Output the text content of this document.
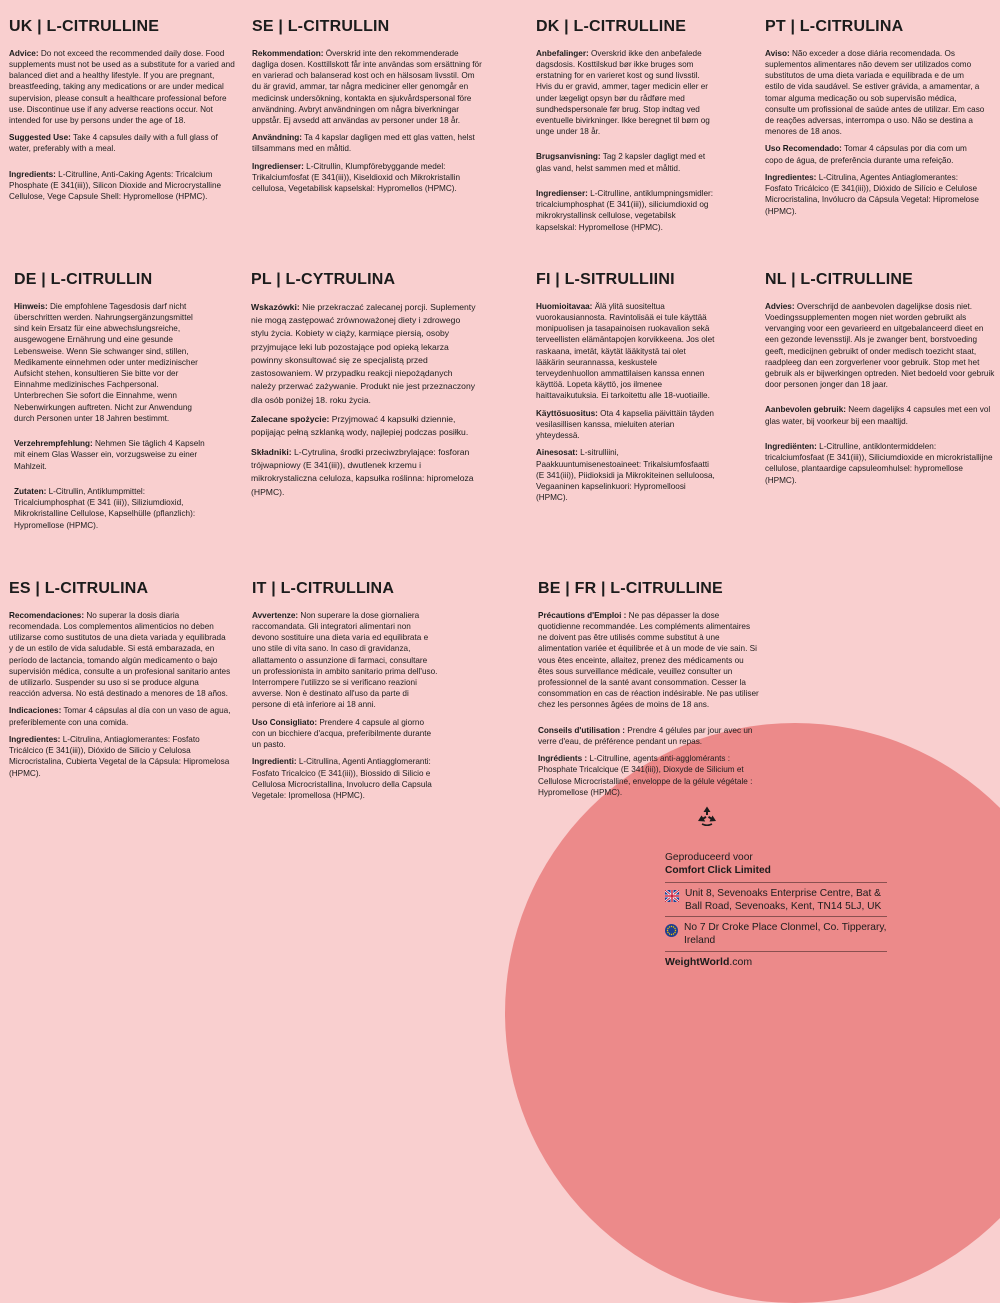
UK | L-CITRULLINE

Advice: Do not exceed the recommended daily dose. Food supplements must not be used as a substitute for a varied and balanced diet and a healthy lifestyle. If you are pregnant, breastfeeding, taking any medications or are under medical supervision, please consult a healthcare professional before use. Discontinue use if any adverse reactions occur. Not intended for use by persons under the age of 18.

Suggested Use: Take 4 capsules daily with a full glass of water, preferably with a meal.

Ingredients: L-Citrulline, Anti-Caking Agents: Tricalcium Phosphate (E 341(iii)), Silicon Dioxide and Microcrystalline Cellulose, Vege Capsule Shell: Hypromellose (HPMC).

SE | L-CITRULLIN

Rekommendation: Överskrid inte den rekommenderade dagliga dosen. Kosttillskott får inte användas som ersättning för en varierad och balanserad kost och en hälsosam livsstil. Om du är gravid, ammar, tar några mediciner eller genomgår en medicinsk undersökning, kontakta en sjukvårdspersonal före användning. Avbryt användningen om några biverkningar uppstår. Ej avsedd att användas av personer under 18 år.

Användning: Ta 4 kapslar dagligen med ett glas vatten, helst tillsammans med en måltid.

Ingredienser: L-Citrullin, Klumpförebyggande medel: Trikalciumfosfat (E 341(iii)), Kiseldioxid och Mikrokristallin cellulosa, Vegetabilisk kapselskal: Hypromellos (HPMC).

DK | L-CITRULLINE

Anbefalinger: Overskrid ikke den anbefalede dagsdosis. Kosttilskud bør ikke bruges som erstatning for en varieret kost og sund livsstil. Hvis du er gravid, ammer, tager medicin eller er under lægeligt opsyn bør du rådføre med sundhedspersonale før brug. Stop indtag ved eventuelle bivirkninger. Ikke beregnet til børn og unge under 18 år.

Brugsanvisning: Tag 2 kapsler dagligt med et glas vand, helst sammen med et måltid.

Ingredienser: L-Citrulline, antiklumpningsmidler: tricalciumphosphat (E 341(iii)), siliciumdioxid og mikrokrystallinsk cellulose, vegetabilsk kapselskal: Hypromellose (HPMC).

PT | L-CITRULINA

Aviso: Não exceder a dose diária recomendada. Os suplementos alimentares não devem ser utilizados como substitutos de uma dieta variada e equilibrada e de um estilo de vida saudável. Se estiver grávida, a amamentar, a tomar alguma medicação ou sob supervisão médica, consulte um profissional de saúde antes de utilizar. Em caso de reações adversas, interrompa o uso. Não se destina a menores de 18 anos.

Uso Recomendado: Tomar 4 cápsulas por dia com um copo de água, de preferência durante uma refeição.

Ingredientes: L-Citrulina, Agentes Antiaglomerantes: Fosfato Tricálcico (E 341(iii)), Dióxido de Silício e Celulose Microcristalina, Invólucro da Cápsula Vegetal: Hipromelose (HPMC).

DE | L-CITRULLIN

Hinweis: Die empfohlene Tagesdosis darf nicht überschritten werden. Nahrungsergänzungsmittel sind kein Ersatz für eine abwechslungsreiche, ausgewogene Ernährung und eine gesunde Lebensweise. Wenn Sie schwanger sind, stillen, Medikamente einnehmen oder unter medizinischer Aufsicht stehen, konsultieren Sie bitte vor der Einnahme medizinisches Fachpersonal. Unterbrechen Sie sofort die Einnahme, wenn Nebenwirkungen auftreten. Nicht zur Anwendung durch Personen unter 18 Jahren bestimmt.

Verzehrempfehlung: Nehmen Sie täglich 4 Kapseln mit einem Glas Wasser ein, vorzugsweise zu einer Mahlzeit.

Zutaten: L-Citrullin, Antiklumpmittel: Tricalciumphosphat (E 341 (iii)), Siliziumdioxid, Mikrokristalline Cellulose, Kapselhülle (pflanzlich): Hypromellose (HPMC).

PL | L-CYTRULINA

Wskazówki: Nie przekraczać zalecanej porcji. Suplementy nie mogą zastępować zrównoważonej diety i zdrowego stylu życia. Kobiety w ciąży, karmiące piersią, osoby przyjmujące leki lub pozostające pod opieką lekarza powinny skonsultować się ze specjalistą przed zastosowaniem. W przypadku reakcji niepożądanych należy przerwać zażywanie. Produkt nie jest przeznaczony dla osób poniżej 18. roku życia.

Zalecane spożycie: Przyjmować 4 kapsułki dziennie, popijając pełną szklanką wody, najlepiej podczas posiłku.

Składniki: L-Cytrulina, środki przeciwzbrylające: fosforan trójwapniowy (E 341(iii)), dwutlenek krzemu i mikrokrystaliczna celuloza, kapsułka roślinna: hipromeloza (HPMC).

FI | L-SITRULLIINI

Huomioitavaa: Älä ylitä suositeltua vuorokausiannosta. Ravintolisää ei tule käyttää monipuolisen ja tasapainoisen ruokavalion sekä terveellisten elämäntapojen korvikkeena. Jos olet raskaana, imetät, käytät lääkitystä tai olet lääkärin seurannassa, keskustele terveydenhuollon ammattilaisen kanssa ennen käyttöä. Lopeta käyttö, jos ilmenee haittavaikutuksia. Ei tarkoitettu alle 18-vuotiaille.

Käyttösuositus: Ota 4 kapselia päivittäin täyden vesilasillisen kanssa, mieluiten aterian yhteydessä.

Ainesosat: L-sitrulliini, Paakkuuntumisenestoaineet: Trikalsiumfosfaatti (E 341(iii)), Piidioksidi ja Mikrokiteinen selluloosa, Vegaaninen kapselinkuori: Hypromelloosi (HPMC).

NL | L-CITRULLINE

Advies: Overschrijd de aanbevolen dagelijkse dosis niet. Voedingssupplementen mogen niet worden gebruikt als vervanging voor een gevarieerd en uitgebalanceerd dieet en een gezonde levensstijl. Als je zwanger bent, borstvoeding geeft, medicijnen gebruikt of onder medisch toezicht staat, raadpleeg dan een zorgverlener voor gebruik. Stop met het gebruik als er bijwerkingen optreden. Niet bedoeld voor gebruik door personen jonger dan 18 jaar.

Aanbevolen gebruik: Neem dagelijks 4 capsules met een vol glas water, bij voorkeur bij een maaltijd.

Ingrediënten: L-Citrulline, antiklontermiddelen: tricalciumfosfaat (E 341(iii)), Siliciumdioxide en microkristallijne cellulose, plantaardige capsuleomhulsel: hypromellose (HPMC).

ES | L-CITRULINA

Recomendaciones: No superar la dosis diaria recomendada. Los complementos alimenticios no deben utilizarse como sustitutos de una dieta variada y equilibrada y de un estilo de vida saludable. Si está embarazada, en período de lactancia, tomando algún medicamento o bajo supervisión médica, consulte a un profesional sanitario antes de utilizarlo. Suspender su uso si se produce alguna reacción adversa. No está destinado a menores de 18 años.

Indicaciones: Tomar 4 cápsulas al día con un vaso de agua, preferiblemente con una comida.

Ingredientes: L-Citrulina, Antiaglomerantes: Fosfato Tricálcico (E 341(iii)), Dióxido de Silicio y Celulosa Microcristalina, Cubierta Vegetal de la Cápsula: Hipromelosa (HPMC).

IT | L-CITRULLINA

Avvertenze: Non superare la dose giornaliera raccomandata. Gli integratori alimentari non devono sostituire una dieta varia ed equilibrata e uno stile di vita sano. In caso di gravidanza, allattamento o assunzione di farmaci, consultare un professionista in ambito sanitario prima dell'uso. Interrompere l'utilizzo se si verificano reazioni avverse. Non è destinato all'uso da parte di persone di età inferiore ai 18 anni.

Uso Consigliato: Prendere 4 capsule al giorno con un bicchiere d'acqua, preferibilmente durante un pasto.

Ingredienti: L-Citrullina, Agenti Antiagglomeranti: Fosfato Tricalcico (E 341(iii)), Biossido di Silicio e Cellulosa Microcristallina, Involucro della Capsula Vegetale: Ipromellosa (HPMC).

BE | FR | L-CITRULLINE

Précautions d'Emploi : Ne pas dépasser la dose quotidienne recommandée. Les compléments alimentaires ne doivent pas être utilisés comme substitut à une alimentation variée et équilibrée et à un mode de vie sain. Si vous êtes enceinte, allaitez, prenez des médicaments ou êtes sous surveillance médicale, veuillez consulter un professionnel de la santé avant consommation. Cesser la consommation en cas de réaction indésirable. Ne pas utiliser chez les personnes âgées de moins de 18 ans.

Conseils d'utilisation : Prendre 4 gélules par jour avec un verre d'eau, de préférence pendant un repas.

Ingrédients : L-Citrulline, agents anti-agglomérants : Phosphate Tricalcique (E 341(iii)), Dioxyde de Silicium et Cellulose Microcristalline, enveloppe de la gélule végétale : Hypromellose (HPMC).

Geproduceerd voor

Comfort Click Limited

Unit 8, Sevenoaks Enterprise Centre, Bat & Ball Road, Sevenoaks, Kent, TN14 5LJ, UK
No 7 Dr Croke Place Clonmel, Co. Tipperary, Ireland
WeightWorld.com
